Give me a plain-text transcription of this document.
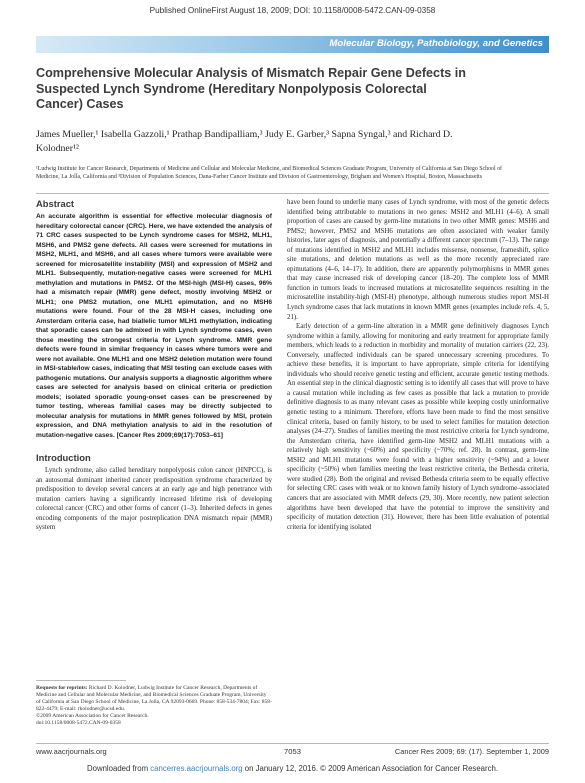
Published OnlineFirst August 18, 2009; DOI: 10.1158/0008-5472.CAN-09-0358
Molecular Biology, Pathobiology, and Genetics
Comprehensive Molecular Analysis of Mismatch Repair Gene Defects in Suspected Lynch Syndrome (Hereditary Nonpolyposis Colorectal Cancer) Cases
James Mueller,¹ Isabella Gazzoli,¹ Prathap Bandipalliam,³ Judy E. Garber,³ Sapna Syngal,³ and Richard D. Kolodner¹²
¹Ludwig Institute for Cancer Research, Departments of Medicine and Cellular and Molecular Medicine, and Biomedical Sciences Graduate Program, University of California at San Diego School of Medicine, La Jolla, California and ³Division of Population Sciences, Dana-Farber Cancer Institute and Division of Gastroenterology, Brigham and Women's Hospital, Boston, Massachusetts
Abstract

An accurate algorithm is essential for effective molecular diagnosis of hereditary colorectal cancer (CRC). Here, we have extended the analysis of 71 CRC cases suspected to be Lynch syndrome cases for MSH2, MLH1, MSH6, and PMS2 gene defects. All cases were screened for mutations in MSH2, MLH1, and MSH6, and all cases where tumors were available were screened for microsatellite instability (MSI) and expression of MSH2 and MLH1. Subsequently, mutation-negative cases were screened for MLH1 methylation and mutations in PMS2. Of the MSI-high (MSI-H) cases, 96% had a mismatch repair (MMR) gene defect, mostly involving MSH2 or MLH1; one PMS2 mutation, one MLH1 epimutation, and no MSH6 mutations were found. Four of the 28 MSI-H cases, including one Amsterdam criteria case, had biallelic tumor MLH1 methylation, indicating that sporadic cases can be admixed in with Lynch syndrome cases, even those meeting the strongest criteria for Lynch syndrome. MMR gene defects were found in similar frequency in cases where tumors were and were not available. One MLH1 and one MSH2 deletion mutation were found in MSI-stable/low cases, indicating that MSI testing can exclude cases with pathogenic mutations. Our analysis supports a diagnostic algorithm where cases are selected for analysis based on clinical criteria or prediction models; isolated sporadic young-onset cases can be prescreened by tumor testing, whereas familial cases may be directly subjected to molecular analysis for mutations in MMR genes followed by MSI, protein expression, and DNA methylation analysis to aid in the resolution of mutation-negative cases. [Cancer Res 2009;69(17):7053–61]

Introduction

Lynch syndrome, also called hereditary nonpolyposis colon cancer (HNPCC), is an autosomal dominant inherited cancer predisposition syndrome characterized by predisposition to develop several cancers at an early age and high penetrance with mutation carriers having a significantly increased lifetime risk of developing colorectal cancer (CRC) and other forms of cancer (1–3). Inherited defects in genes encoding components of the major postreplication DNA mismatch repair (MMR) system

have been found to underlie many cases of Lynch syndrome, with most of the genetic defects identified being attributable to mutations in two genes: MSH2 and MLH1 (4–6). A small proportion of cases are caused by germ-line mutations in two other MMR genes: MSH6 and PMS2; however, PMS2 and MSH6 mutations are often associated with weaker family histories, later ages of diagnosis, and potentially a different cancer spectrum (7–13). The range of mutations identified in MSH2 and MLH1 includes missense, nonsense, frameshift, splice site mutations, and deletion mutations as well as the more recently appreciated rare epimutations (4–6, 14–17). In addition, there are apparently polymorphisms in MMR genes that may cause increased risk of developing cancer (18–20). The complete loss of MMR function in tumors leads to increased mutations at microsatellite sequences resulting in the microsatellite instability-high (MSI-H) phenotype, although numerous studies report MSI-H Lynch syndrome cases that lack mutations in known MMR genes (examples include refs. 4, 5, 21).

Early detection of a germ-line alteration in a MMR gene definitively diagnoses Lynch syndrome within a family, allowing for monitoring and early treatment for appropriate family members, which leads to a reduction in morbidity and mortality of mutation carriers (22, 23). Conversely, unaffected individuals can be spared unnecessary screening procedures. To achieve these benefits, it is important to have appropriate, simple criteria for identifying individuals who should receive genetic testing and efficient, accurate genetic testing methods. An essential step in the clinical diagnostic setting is to identify all cases that will prove to have a causal mutation while including as few cases as possible that lack a mutation to provide definitive diagnosis to as many relevant cases as possible while keeping costly uninformative genetic testing to a minimum. Therefore, efforts have been made to find the most sensitive clinical criteria, based on family history, to be used to select families for mutation detection analyses (24–27). Studies of families meeting the most restrictive criteria for Lynch syndrome, the Amsterdam criteria, have identified germ-line MSH2 and MLH1 mutations with a relatively high sensitivity (~60%) and specificity (~70%; ref. 28). In contrast, germ-line MSH2 and MLH1 mutations were found with a higher sensitivity (~94%) and a lower specificity (~50%) when families meeting the least restrictive criteria, the Bethesda criteria, were studied (28). Both the original and revised Bethesda criteria seem to be equally effective for selecting CRC cases with weak or no known family history of Lynch syndrome–associated cancers that are associated with MMR defects (29, 30). More recently, new patient selection algorithms have been developed that have the potential to improve the sensitivity and specificity of mutation detection (31). However, there has been little evaluation of potential criteria for identifying isolated

Requests for reprints: Richard D. Kolodner, Ludwig Institute for Cancer Research, Departments of Medicine and Cellular and Molecular Medicine, and Biomedical Sciences Graduate Program, University of California at San Diego School of Medicine, La Jolla, CA 92093-0669. Phone: 858-534-7804; Fax: 858-822-4479; E-mail: rkolodner@ucsd.edu.
©2009 American Association for Cancer Research.
doi:10.1158/0008-5472.CAN-09-0358
www.aacrjournals.org	7053	Cancer Res 2009; 69: (17). September 1, 2009
Downloaded from cancerres.aacrjournals.org on January 12, 2016. © 2009 American Association for Cancer Research.
